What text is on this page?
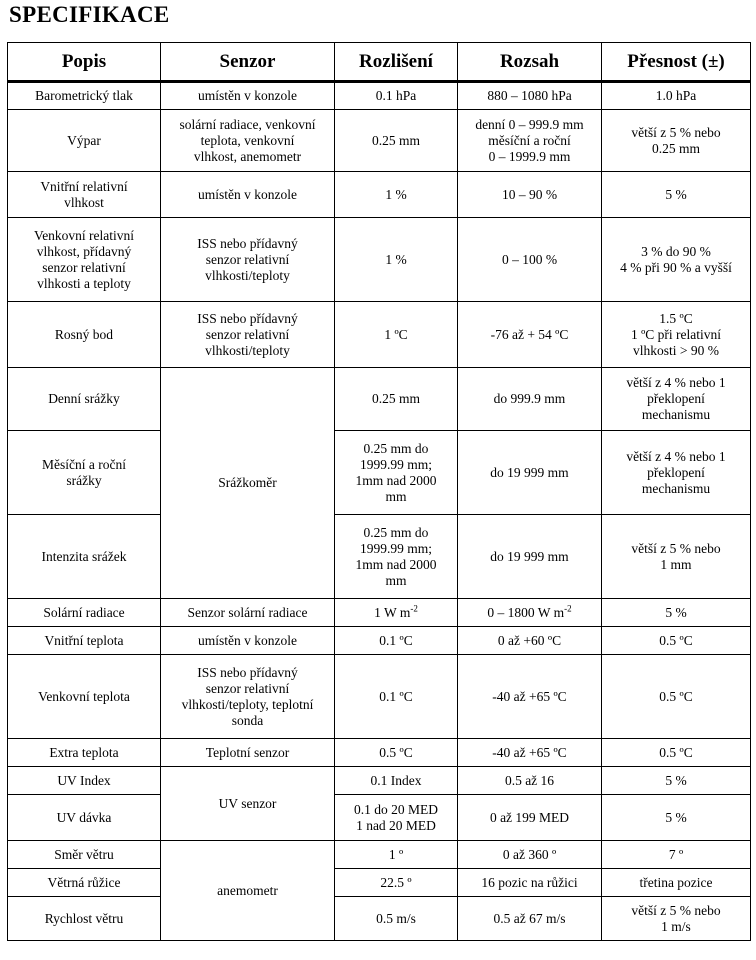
SPECIFIKACE
Popis	Senzor	Rozlišení	Rozsah	Přesnost (±)

Barometrický tlak	umístěn v konzole	0.1 hPa	880 – 1080 hPa	1.0 hPa

Výpar	solární radiace, venkovní
teplota, venkovní
vlhkost, anemometr	0.25 mm	denní 0 – 999.9 mm
měsíční a roční
0 – 1999.9 mm	větší z 5 % nebo
0.25 mm

Vnitřní relativní
vlhkost	umístěn v konzole	1 %	10 – 90 %	5 %

Venkovní relativní
vlhkost, přídavný
senzor relativní
vlhkosti a teploty	ISS nebo přídavný
senzor relativní
vlhkosti/teploty	1 %	0 – 100 %	3 % do 90 %
4 % při 90 % a vyšší

Rosný bod	ISS nebo přídavný
senzor relativní
vlhkosti/teploty	1 ºC	-76 až + 54 ºC	1.5 ºC
1 ºC při relativní
vlhkosti > 90 %

Denní srážky	Srážkoměr	0.25 mm	do 999.9 mm	větší z 4 % nebo 1
překlopení
mechanismu

Měsíční a roční
srážky		0.25 mm do
1999.99 mm;
1mm nad 2000
mm	do 19 999 mm	větší z 4 % nebo 1
překlopení
mechanismu

Intenzita srážek		0.25 mm do
1999.99 mm;
1mm nad 2000
mm	do 19 999 mm	větší z 5 % nebo
1 mm

Solární radiace	Senzor solární radiace	1 W $m^{-2}$	0 – 1800 W $m^{-2}$	5 %

Vnitřní teplota	umístěn v konzole	0.1 ºC	0 až +60 ºC	0.5 ºC

Venkovní teplota	ISS nebo přídavný
senzor relativní
vlhkosti/teploty, teplotní
sonda	0.1 ºC	-40 až +65 ºC	0.5 ºC

Extra teplota	Teplotní senzor	0.5 ºC	-40 až +65 ºC	0.5 ºC

UV Index	UV senzor	0.1 Index	0.5 až 16	5 %

UV dávka		0.1 do 20 MED
1 nad 20 MED	0 až 199 MED	5 %

Směr větru	anemometr	1 º	0 až 360 º	7 º

Větrná růžice		22.5 º	16 pozic na růžici	třetina pozice

Rychlost větru		0.5 m/s	0.5 až 67 m/s	větší z 5 % nebo
1 m/s
